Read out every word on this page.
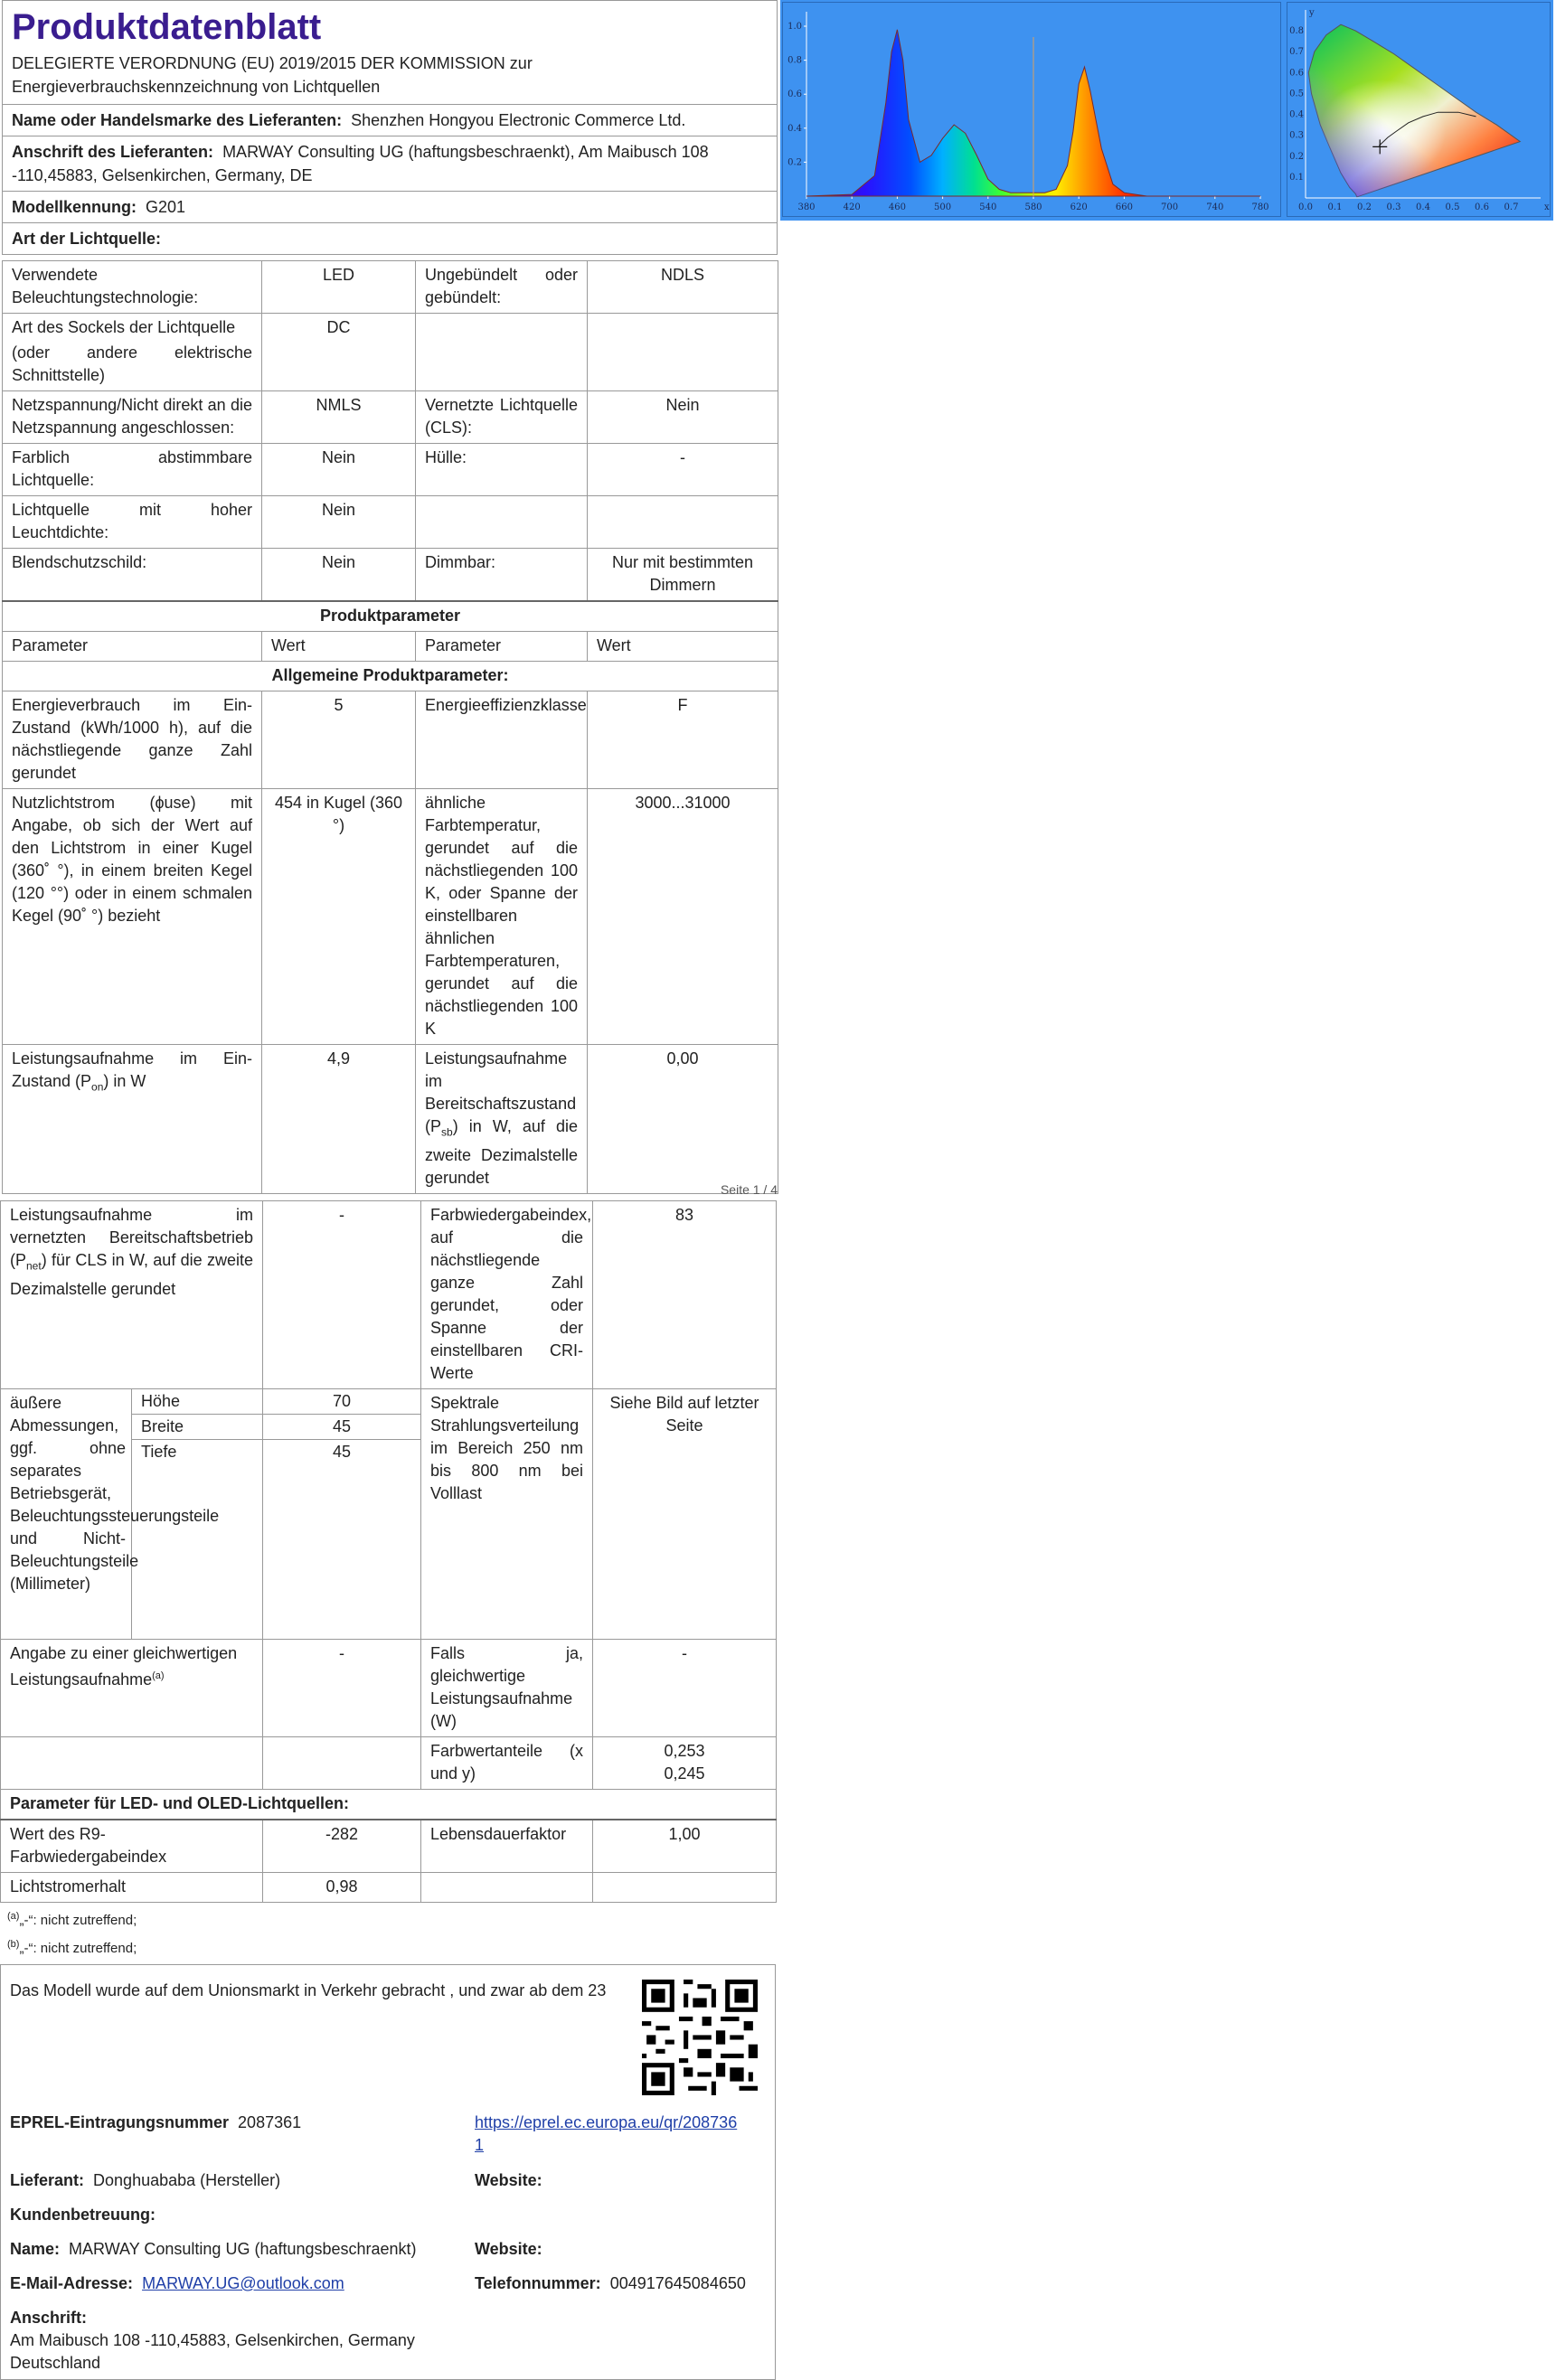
Produktdatenblatt
DELEGIERTE VERORDNUNG (EU) 2019/2015 DER KOMMISSION zur Energieverbrauchskennzeichnung von Lichtquellen
Name oder Handelsmarke des Lieferanten: Shenzhen Hongyou Electronic Commerce Ltd.
Anschrift des Lieferanten: MARWAY Consulting UG (haftungsbeschraenkt), Am Maibusch 108 -110,45883, Gelsenkirchen, Germany, DE
Modellkennung: G201
Art der Lichtquelle:
Verwendete Beleuchtungstechnologie:	LED	Ungebündelt oder gebündelt:	NDLS

Art des Sockels der Lichtquelle
(oder andere elektrische Schnittstelle)	DC		
Netzspannung/Nicht direkt an die Netzspannung angeschlossen:	NMLS	Vernetzte Lichtquelle (CLS):	Nein
Farblich abstimmbare Lichtquelle:	Nein	Hülle:	-
Lichtquelle mit hoher Leuchtdichte:	Nein		
Blendschutzschild:	Nein	Dimmbar:	Nur mit bestimmten Dimmern
Produktparameter			
Parameter	Wert	Parameter	Wert
Allgemeine Produktparameter:			
Energieverbrauch im Ein-Zustand (kWh/1000 h), auf die nächstliegende ganze Zahl gerundet	5	Energieeffizienzklasse	F
Nutzlichtstrom (ϕuse) mit Angabe, ob sich der Wert auf den Lichtstrom in einer Kugel (360˚ °), in einem breiten Kegel (120 °°) oder in einem schmalen Kegel (90˚ °) bezieht	454 in Kugel (360 °)	ähnliche Farbtemperatur, gerundet auf die nächstliegenden 100 K, oder Spanne der einstellbaren ähnlichen Farbtemperaturen, gerundet auf die nächstliegenden 100 K	3000...31000
Leistungsaufnahme im Ein-Zustand $(P_{on})$ in W	4,9	Leistungsaufnahme im Bereitschaftszustand $(P_{sb})$ in W, auf die zweite Dezimalstelle gerundet	0,00
Seite 1 / 4
Leistungsaufnahme im vernetzten Bereitschaftsbetrieb $(P_{net})$ für CLS in W, auf die zweite Dezimalstelle gerundet		-	Farbwiedergabeindex, auf die nächstliegende ganze Zahl gerundet, oder Spanne der einstellbaren CRI-Werte	83
äußere Abmessungen, ggf. ohne separates Betriebsgerät, Beleuchtungssteuerungsteile und Nicht-Beleuchtungsteile (Millimeter)	Höhe	70	Spektrale Strahlungsverteilung im Bereich 250 nm bis 800 nm bei Volllast	Siehe Bild auf letzter Seite
	Breite	45		
	Tiefe	45		

Angabe zu einer gleichwertigen Leistungsaufnahme$^{(a)}$		-	Falls ja, gleichwertige Leistungsaufnahme (W)	-
			Farbwertanteile (x und y)	0,253
0,245

Parameter für LED- und OLED-Lichtquellen:				
Wert des R9-Farbwiedergabeindex		-282	Lebensdauerfaktor	1,00
Lichtstromerhalt		0,98		
$^{(a)}$„-“: nicht zutreffend;
$^{(b)}$„-“: nicht zutreffend;
Das Modell wurde auf dem Unionsmarkt in Verkehr gebracht , und zwar ab dem 23
EPREL-Eintragungsnummer 2087361	https://eprel.ec.europa.eu/qr/2087361
Lieferant: Donghuababa (Hersteller)	Website:
Kundenbetreuung:
Name: MARWAY Consulting UG (haftungsbeschraenkt)	Website:
E-Mail-Adresse: MARWAY.UG@outlook.com	Telefonnummer: 004917645084650
Anschrift:
Am Maibusch 108 -110,45883, Gelsenkirchen, Germany
Deutschland
380	420	460	500	540	580	620	660	700	740	780
0.2
0.4
0.6
0.8
1.0
0.0 0.1 0.2 0.3 0.4 0.5 0.6 0.7
0.1
0.2
0.3
0.4
0.5
0.6
0.7
0.8
x
y
